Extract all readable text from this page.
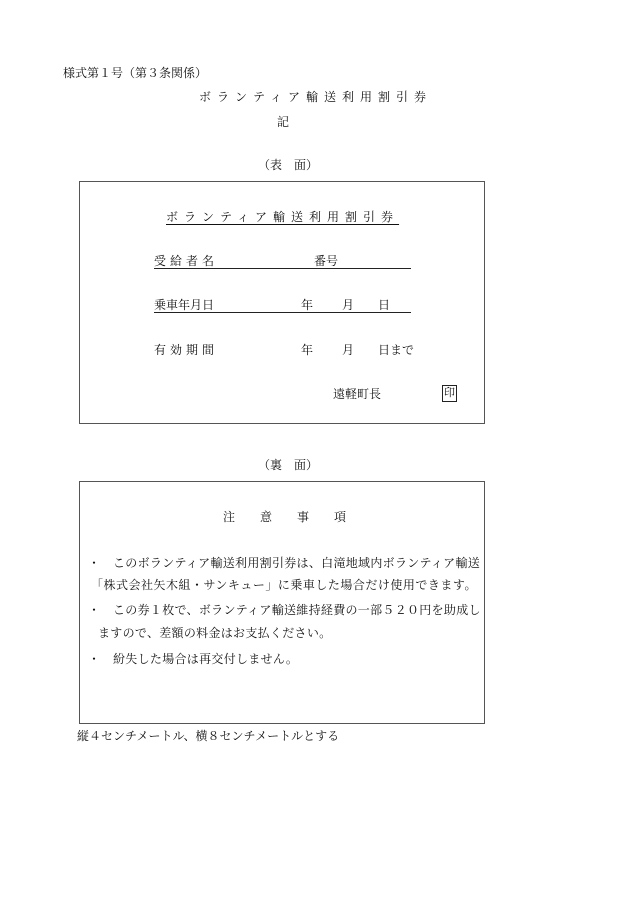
様式第１号（第３条関係）
ボランティア輸送利用割引券
記
（表　面）
ボランティア輸送利用割引券
受給者名	番号
乗車年月日	年 月 日
有効期間	年 月 日まで
遠軽町長	印
（裏　面）
注意事項
・ このボランティア輸送利用割引券は、白滝地域内ボランティア輸送
「株式会社矢木組・サンキュー」に乗車した場合だけ使用できます。
・ この券１枚で、ボランティア輸送維持経費の一部５２０円を助成し
ますので、差額の料金はお支払ください。
・ 紛失した場合は再交付しません。
縦４センチメートル、横８センチメートルとする
